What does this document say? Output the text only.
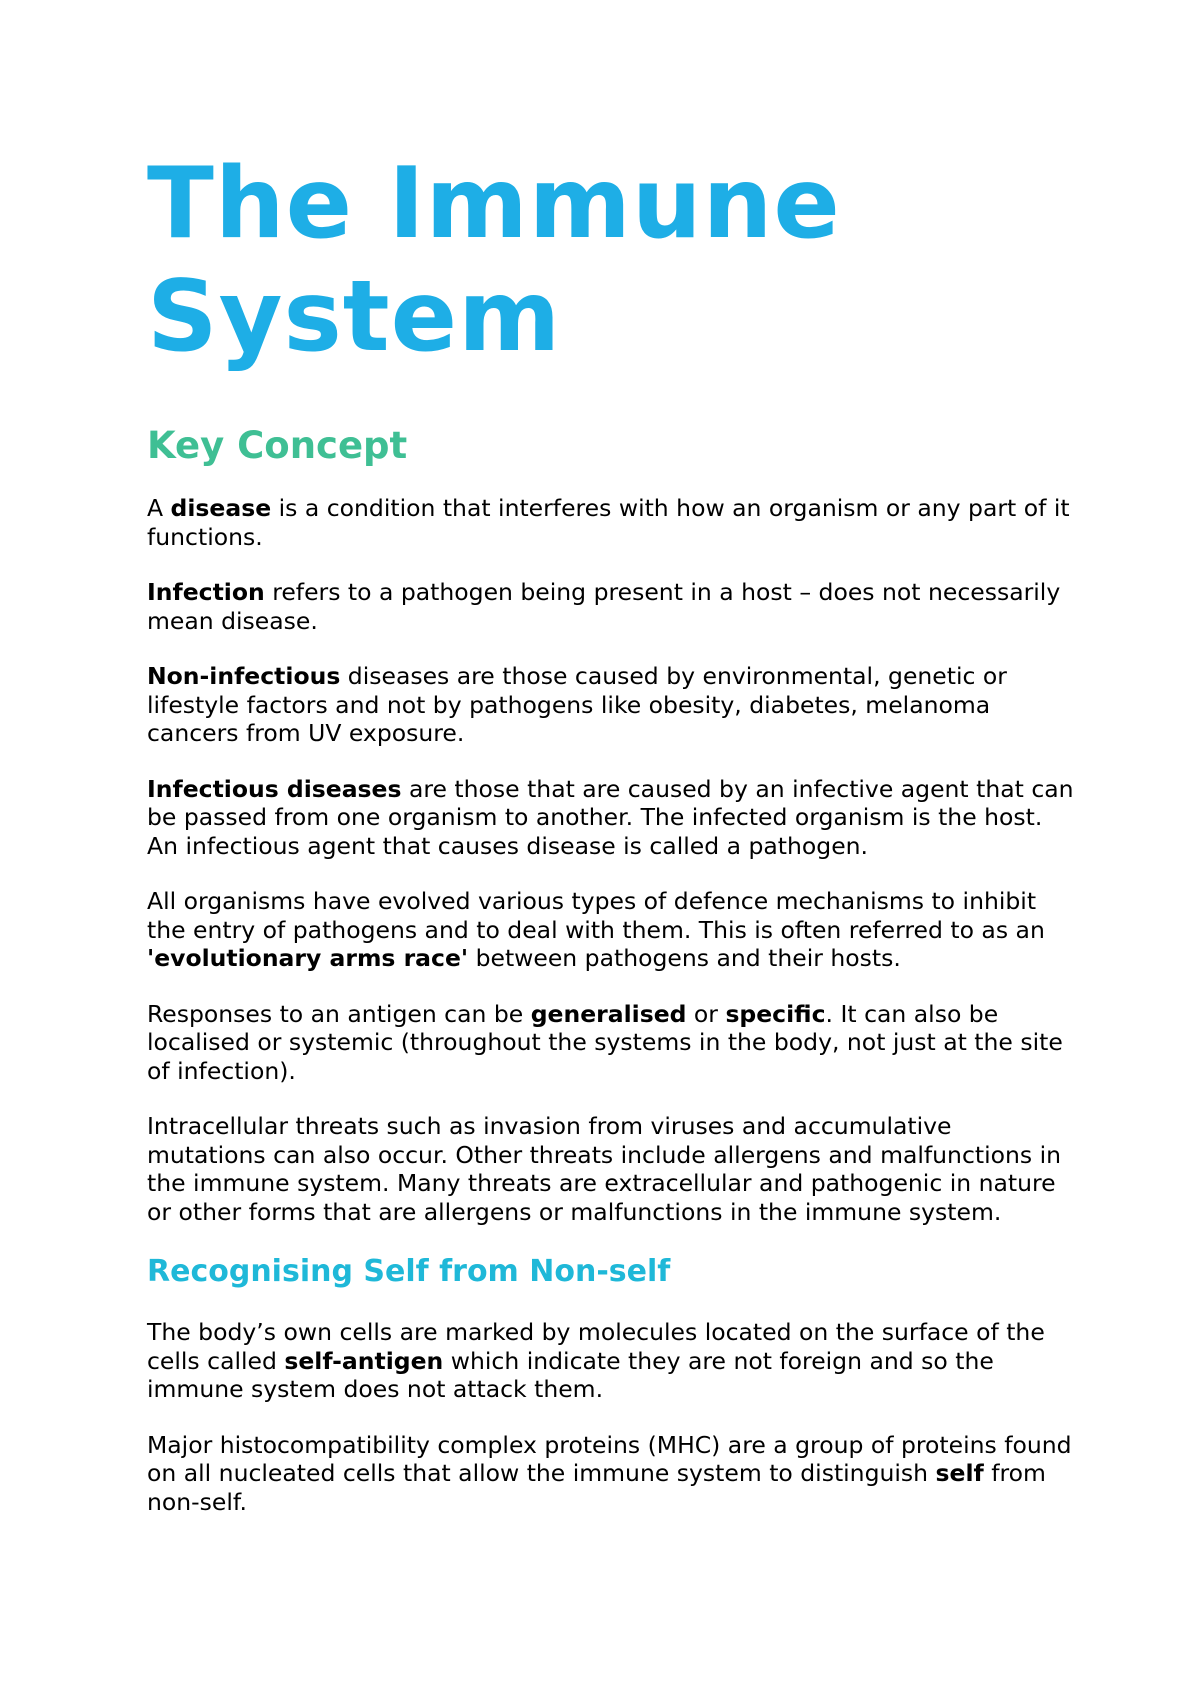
The Immune System
Key Concept

A disease is a condition that interferes with how an organism or any part of it functions.

Infection refers to a pathogen being present in a host – does not necessarily mean disease.

Non-infectious diseases are those caused by environmental, genetic or lifestyle factors and not by pathogens like obesity, diabetes, melanoma cancers from UV exposure.

Infectious diseases are those that are caused by an infective agent that can be passed from one organism to another. The infected organism is the host. An infectious agent that causes disease is called a pathogen.

All organisms have evolved various types of defence mechanisms to inhibit the entry of pathogens and to deal with them. This is often referred to as an 'evolutionary arms race' between pathogens and their hosts.

Responses to an antigen can be generalised or specific. It can also be localised or systemic (throughout the systems in the body, not just at the site of infection).

Intracellular threats such as invasion from viruses and accumulative mutations can also occur. Other threats include allergens and malfunctions in the immune system. Many threats are extracellular and pathogenic in nature or other forms that are allergens or malfunctions in the immune system.

Recognising Self from Non-self

The body’s own cells are marked by molecules located on the surface of the cells called self-antigen which indicate they are not foreign and so the immune system does not attack them.

Major histocompatibility complex proteins (MHC) are a group of proteins found on all nucleated cells that allow the immune system to distinguish self from non-self.
